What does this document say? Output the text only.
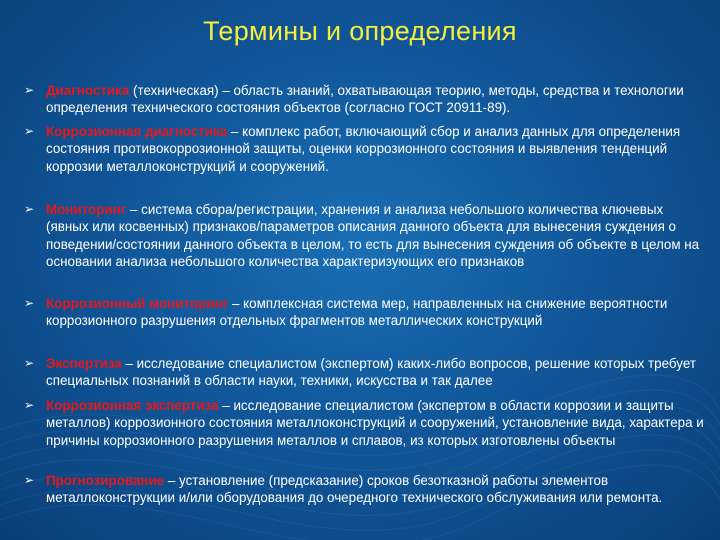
Термины и определения
➢ Диагностика (техническая) – область знаний, охватывающая теорию, методы, средства и технологии определения технического состояния объектов (согласно ГОСТ 20911-89).
➢ Коррозионная диагностика – комплекс работ, включающий сбор и анализ данных для определения состояния противокоррозионной защиты, оценки коррозионного состояния и выявления тенденций коррозии металлоконструкций и сооружений.
➢ Мониторинг – система сбора/регистрации, хранения и анализа небольшого количества ключевых (явных или косвенных) признаков/параметров описания данного объекта для вынесения суждения о поведении/состоянии данного объекта в целом, то есть для вынесения суждения об объекте в целом на основании анализа небольшого количества характеризующих его признаков
➢ Коррозионный мониторинг – комплексная система мер, направленных на снижение вероятности коррозионного разрушения отдельных фрагментов металлических конструкций
➢ Экспертиза – исследование специалистом (экспертом) каких-либо вопросов, решение которых требует специальных познаний в области науки, техники, искусства и так далее
➢ Коррозионная экспертиза – исследование специалистом (экспертом в области коррозии и защиты металлов) коррозионного состояния металлоконструкций и сооружений, установление вида, характера и причины коррозионного разрушения металлов и сплавов, из которых изготовлены объекты
➢ Прогнозирование – установление (предсказание) сроков безотказной работы элементов металлоконструкции и/или оборудования до очередного технического обслуживания или ремонта.
